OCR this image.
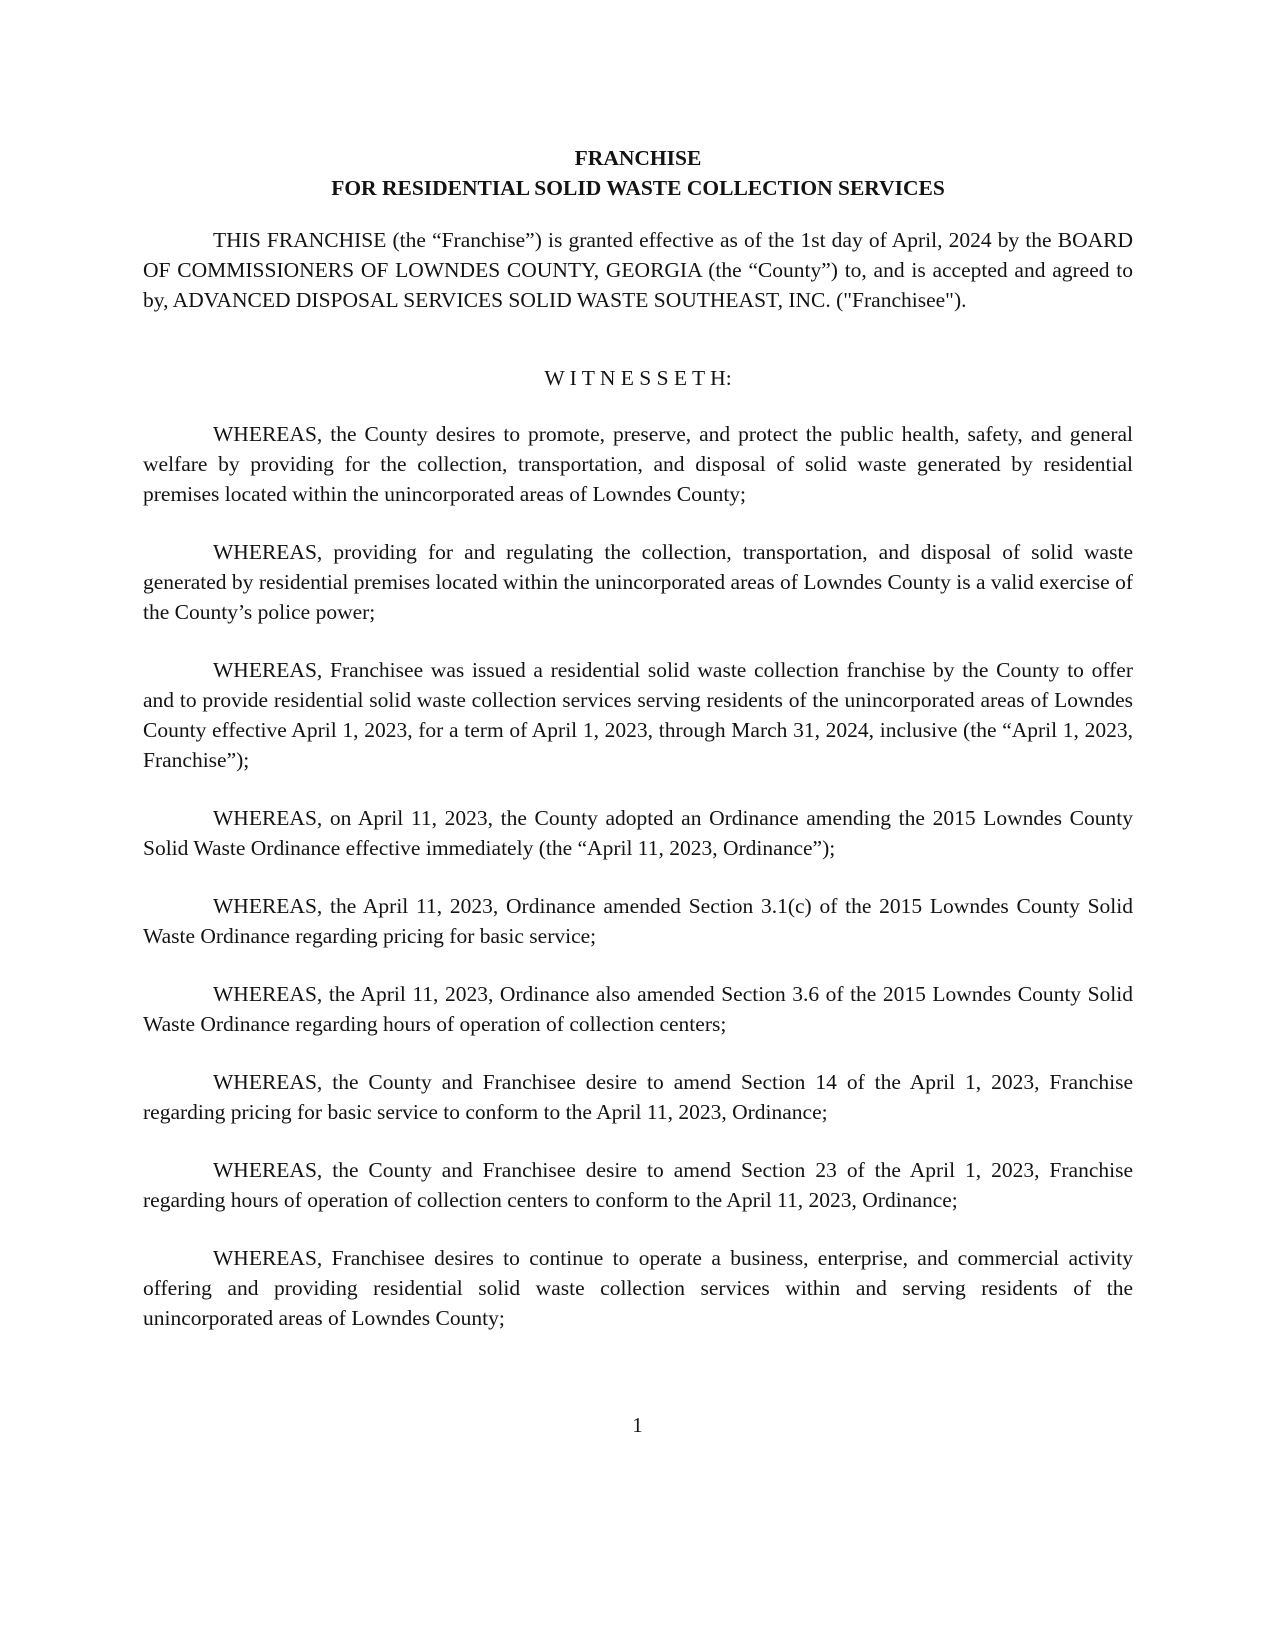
FRANCHISE
FOR RESIDENTIAL SOLID WASTE COLLECTION SERVICES

THIS FRANCHISE (the “Franchise”) is granted effective as of the 1st day of April, 2024 by the BOARD OF COMMISSIONERS OF LOWNDES COUNTY, GEORGIA (the “County”) to, and is accepted and agreed to by, ADVANCED DISPOSAL SERVICES SOLID WASTE SOUTHEAST, INC. ("Franchisee").

W I T N E S S E T H:

WHEREAS, the County desires to promote, preserve, and protect the public health, safety, and general welfare by providing for the collection, transportation, and disposal of solid waste generated by residential premises located within the unincorporated areas of Lowndes County;

WHEREAS, providing for and regulating the collection, transportation, and disposal of solid waste generated by residential premises located within the unincorporated areas of Lowndes County is a valid exercise of the County’s police power;

WHEREAS, Franchisee was issued a residential solid waste collection franchise by the County to offer and to provide residential solid waste collection services serving residents of the unincorporated areas of Lowndes County effective April 1, 2023, for a term of April 1, 2023, through March 31, 2024, inclusive (the “April 1, 2023, Franchise”);

WHEREAS, on April 11, 2023, the County adopted an Ordinance amending the 2015 Lowndes County Solid Waste Ordinance effective immediately (the “April 11, 2023, Ordinance”);

WHEREAS, the April 11, 2023, Ordinance amended Section 3.1(c) of the 2015 Lowndes County Solid Waste Ordinance regarding pricing for basic service;

WHEREAS, the April 11, 2023, Ordinance also amended Section 3.6 of the 2015 Lowndes County Solid Waste Ordinance regarding hours of operation of collection centers;

WHEREAS, the County and Franchisee desire to amend Section 14 of the April 1, 2023, Franchise regarding pricing for basic service to conform to the April 11, 2023, Ordinance;

WHEREAS, the County and Franchisee desire to amend Section 23 of the April 1, 2023, Franchise regarding hours of operation of collection centers to conform to the April 11, 2023, Ordinance;

WHEREAS, Franchisee desires to continue to operate a business, enterprise, and commercial activity offering and providing residential solid waste collection services within and serving residents of the unincorporated areas of Lowndes County;

1
